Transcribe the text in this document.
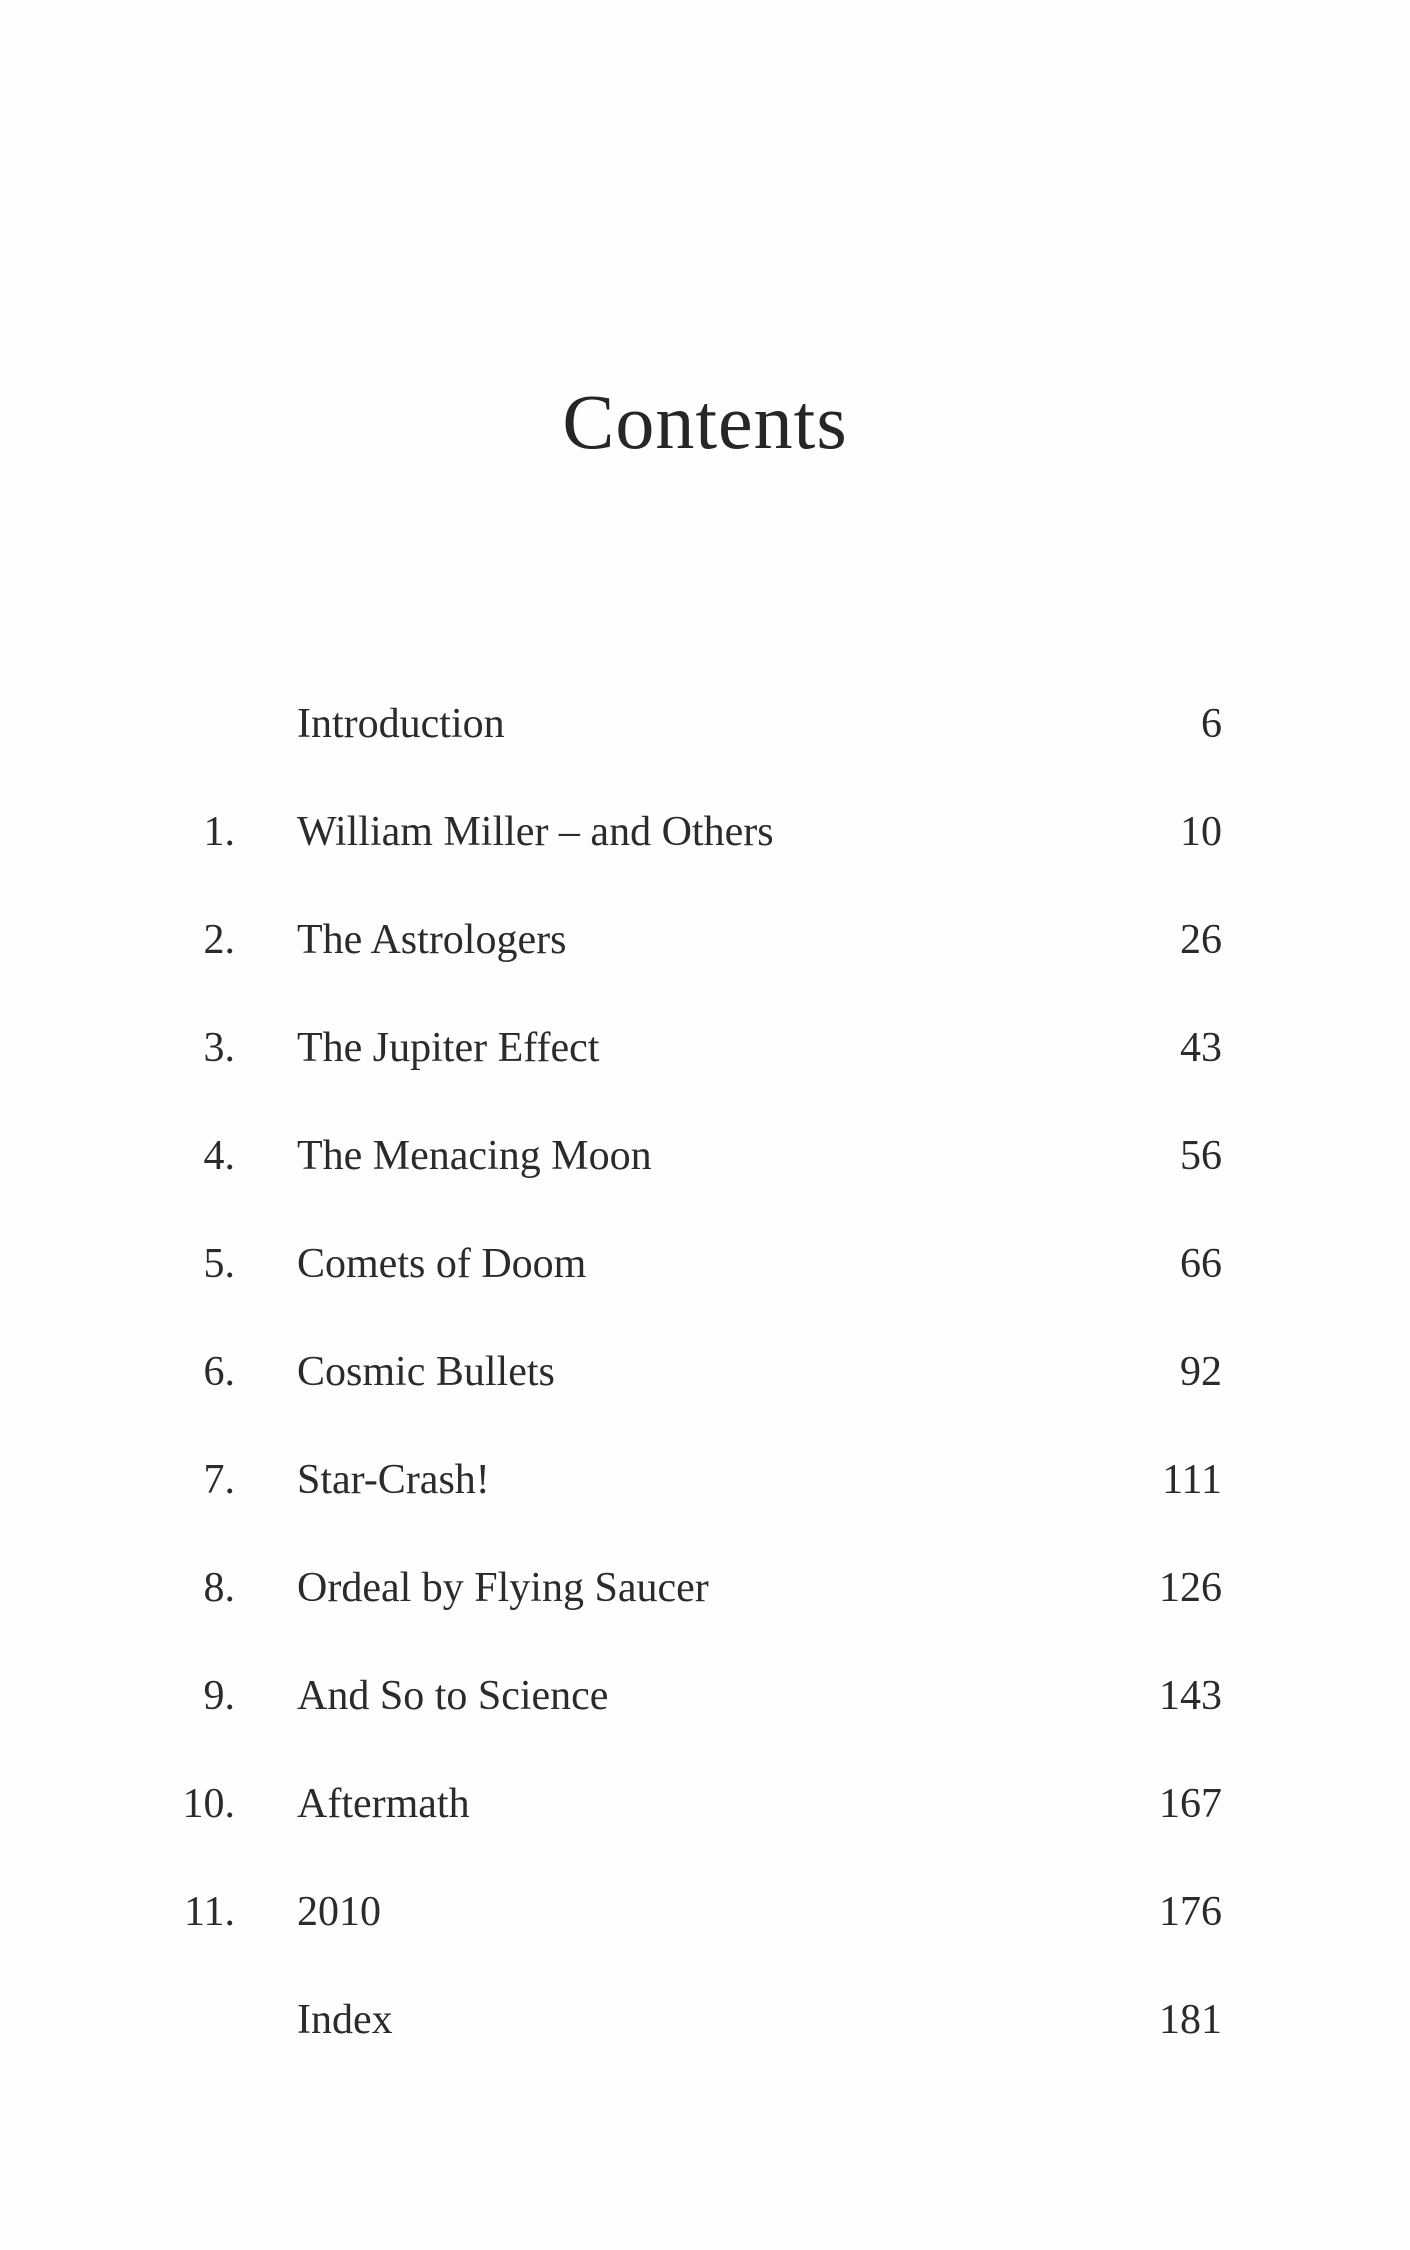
Contents
Introduction	6
1. William Miller – and Others	10
2. The Astrologers	26
3. The Jupiter Effect	43
4. The Menacing Moon	56
5. Comets of Doom	66
6. Cosmic Bullets	92
7. Star-Crash!	111
8. Ordeal by Flying Saucer	126
9. And So to Science	143
10. Aftermath	167
11. 2010	176
Index	181
